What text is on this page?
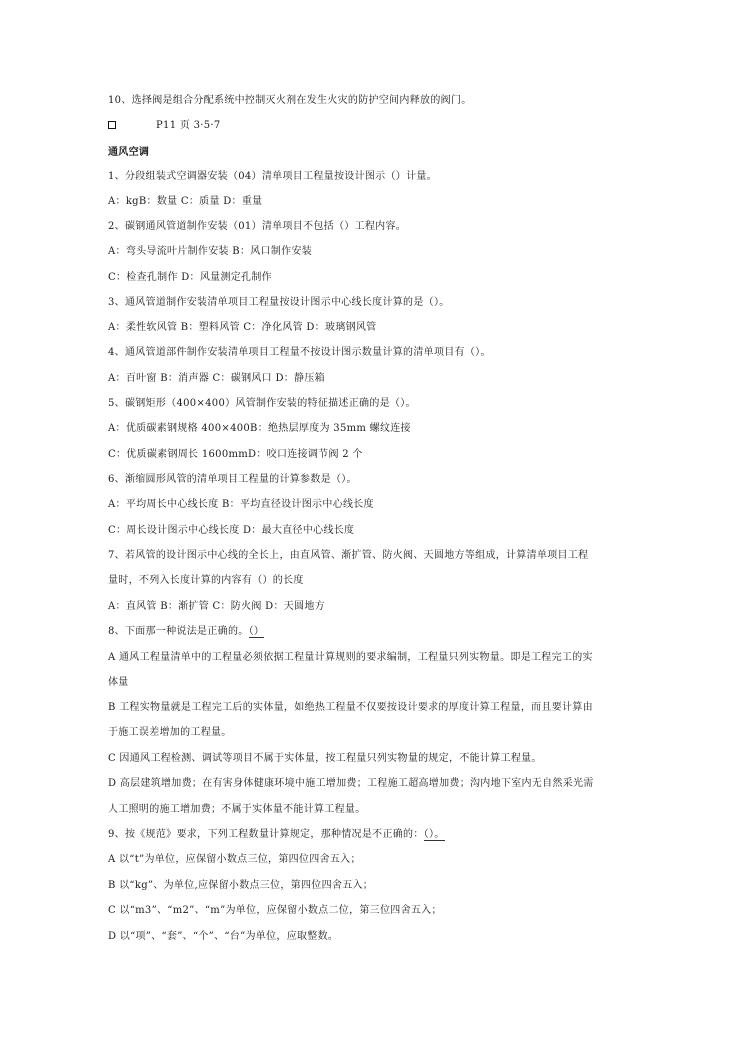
10、选择阀是组合分配系统中控制灭火剂在发生火灾的防护空间内释放的阀门。
P11 页 3·5·7
通风空调
1、分段组装式空调器安装（04）清单项目工程量按设计图示（）计量。
A：kgB：数量 C：质量 D：重量
2、碳钢通风管道制作安装（01）清单项目不包括（）工程内容。
A：弯头导流叶片制作安装 B：风口制作安装
C：检查孔制作 D：风量测定孔制作
3、通风管道制作安装清单项目工程量按设计图示中心线长度计算的是（）。
A：柔性软风管 B：塑料风管 C：净化风管 D：玻璃钢风管
4、通风管道部件制作安装清单项目工程量不按设计图示数量计算的清单项目有（）。
A：百叶窗 B：消声器 C：碳钢风口 D：静压箱
5、碳钢矩形（400×400）风管制作安装的特征描述正确的是（）。
A：优质碳素钢规格 400×400B：绝热层厚度为 35mm 螺纹连接
C：优质碳素钢周长 1600mmD：咬口连接调节阀 2 个
6、渐缩圆形风管的清单项目工程量的计算参数是（）。
A：平均周长中心线长度 B：平均直径设计图示中心线长度
C：周长设计图示中心线长度 D：最大直径中心线长度
7、若风管的设计图示中心线的全长上，由直风管、渐扩管、防火阀、天圆地方等组成，计算清单项目工程
量时，不列入长度计算的内容有（）的长度
A：直风管 B：渐扩管 C：防火阀 D：天圆地方
8、下面那一种说法是正确的。（）
A 通风工程量清单中的工程量必须依据工程量计算规则的要求编制，工程量只列实物量。即是工程完工的实
体量
B 工程实物量就是工程完工后的实体量，如绝热工程量不仅要按设计要求的厚度计算工程量，而且要计算由
于施工误差增加的工程量。
C 因通风工程检测、调试等项目不属于实体量，按工程量只列实物量的规定，不能计算工程量。
D 高层建筑增加费；在有害身体健康环境中施工增加费；工程施工超高增加费；沟内地下室内无自然采光需
人工照明的施工增加费；不属于实体量不能计算工程量。
9、按《规范》要求，下列工程数量计算规定，那种情况是不正确的：（）。
A 以“t”为单位，应保留小数点三位，第四位四舍五入；
B 以“kg”、为单位,应保留小数点三位，第四位四舍五入；
C 以“m3”、“m2”、“m”为单位，应保留小数点二位，第三位四舍五入；
D 以“项”、“套”、“个”、“台”为单位，应取整数。
